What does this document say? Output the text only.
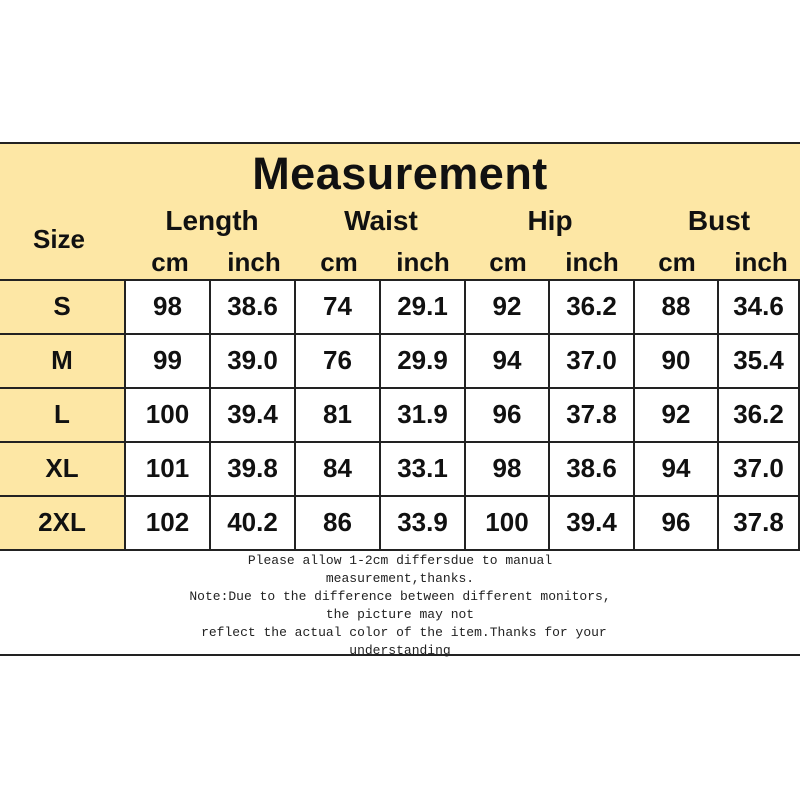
Measurement
Size
Length	Waist	Hip	Bust
cm	inch	cm	inch	cm	inch	cm	inch
S	98	38.6	74	29.1	92	36.2	88	34.6
M	99	39.0	76	29.9	94	37.0	90	35.4
L	100	39.4	81	31.9	96	37.8	92	36.2
XL	101	39.8	84	33.1	98	38.6	94	37.0
2XL	102	40.2	86	33.9	100	39.4	96	37.8
Please allow 1-2cm differsdue to manual
measurement,thanks.
Note:Due to the difference between different monitors,
the picture may not
reflect the actual color of the item.Thanks for your
understanding
